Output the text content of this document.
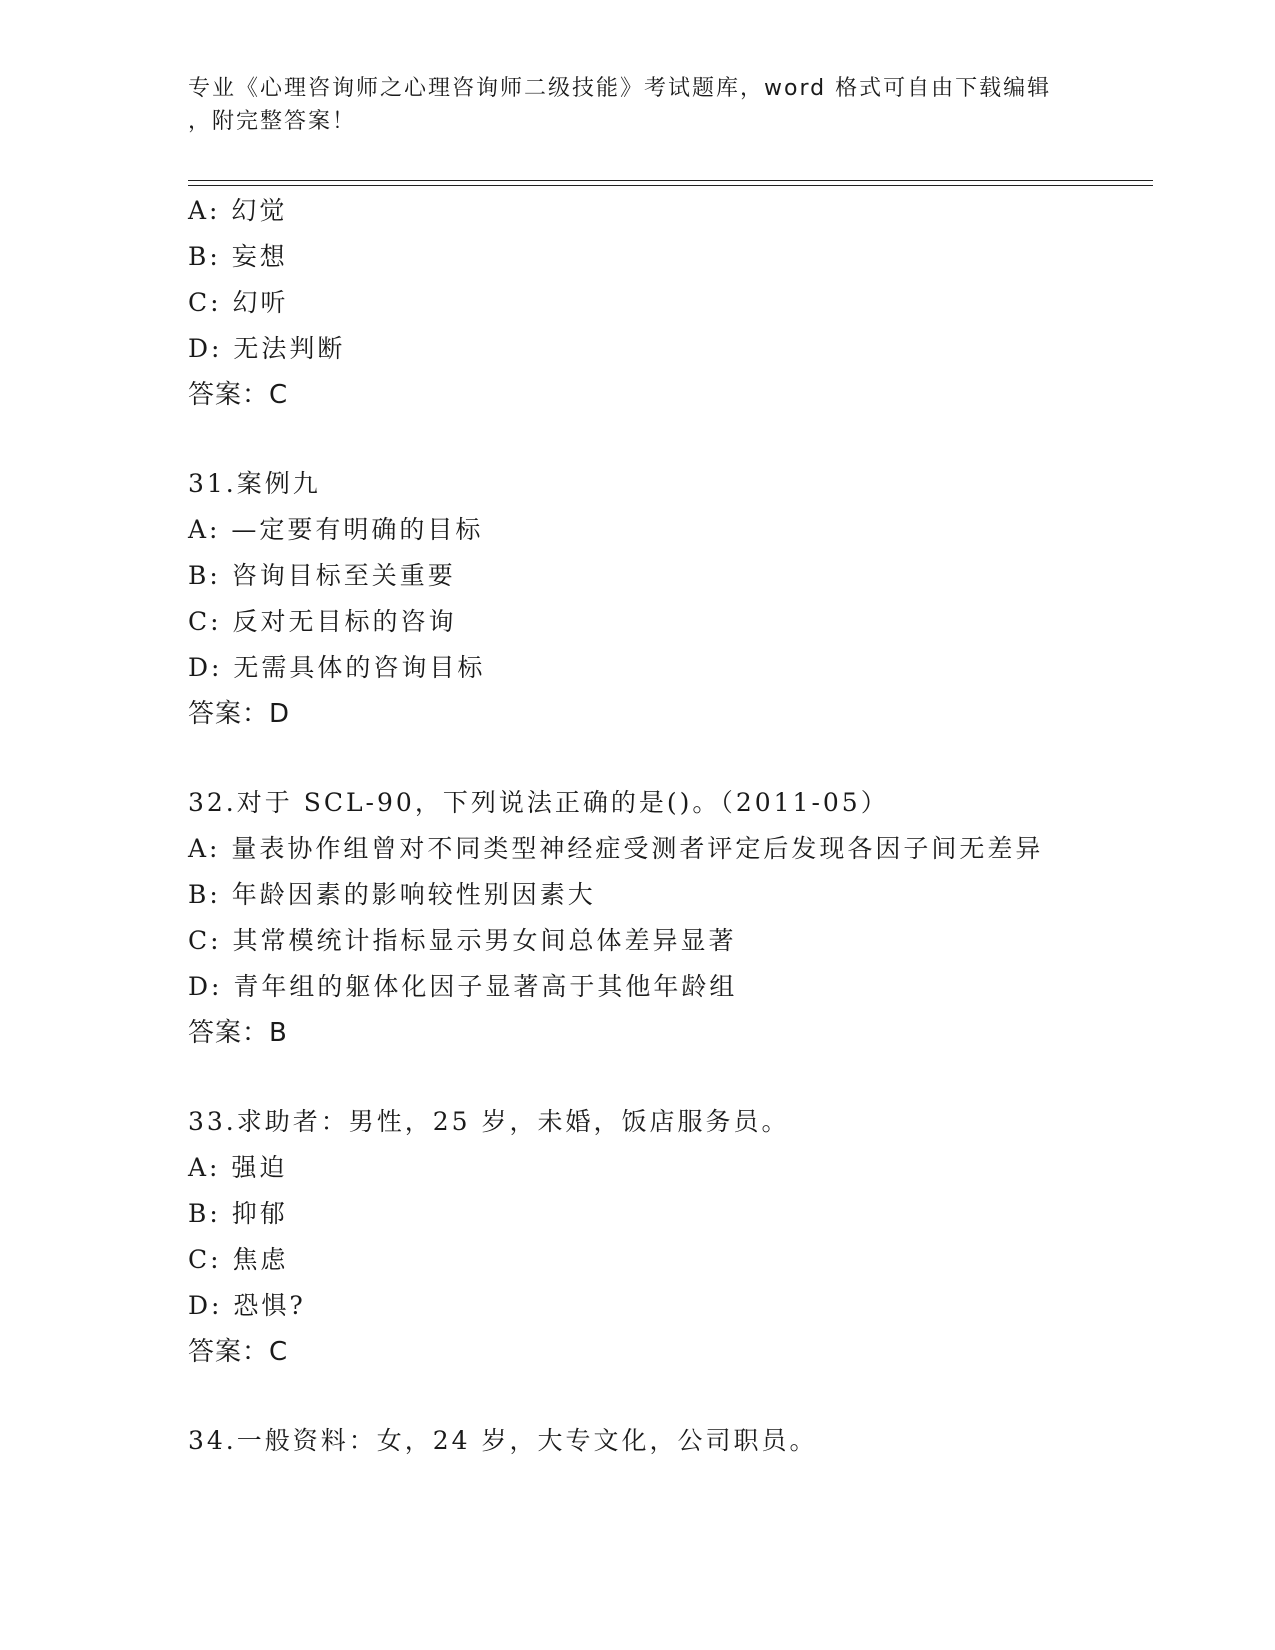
专业《心理咨询师之心理咨询师二级技能》考试题库，word 格式可自由下载编辑
，附完整答案！
A: 幻觉
B: 妄想
C: 幻听
D: 无法判断
答案：C
31.案例九
A: —定要有明确的目标
B: 咨询目标至关重要
C: 反对无目标的咨询
D: 无需具体的咨询目标
答案：D
32.对于 SCL-90，下列说法正确的是()。（2011-05）
A: 量表协作组曾对不同类型神经症受测者评定后发现各因子间无差异
B: 年龄因素的影响较性别因素大
C: 其常模统计指标显示男女间总体差异显著
D: 青年组的躯体化因子显著高于其他年龄组
答案：B
33.求助者：男性，25 岁，未婚，饭店服务员。
A: 强迫
B: 抑郁
C: 焦虑
D: 恐惧?
答案：C
34.一般资料：女，24 岁，大专文化，公司职员。
